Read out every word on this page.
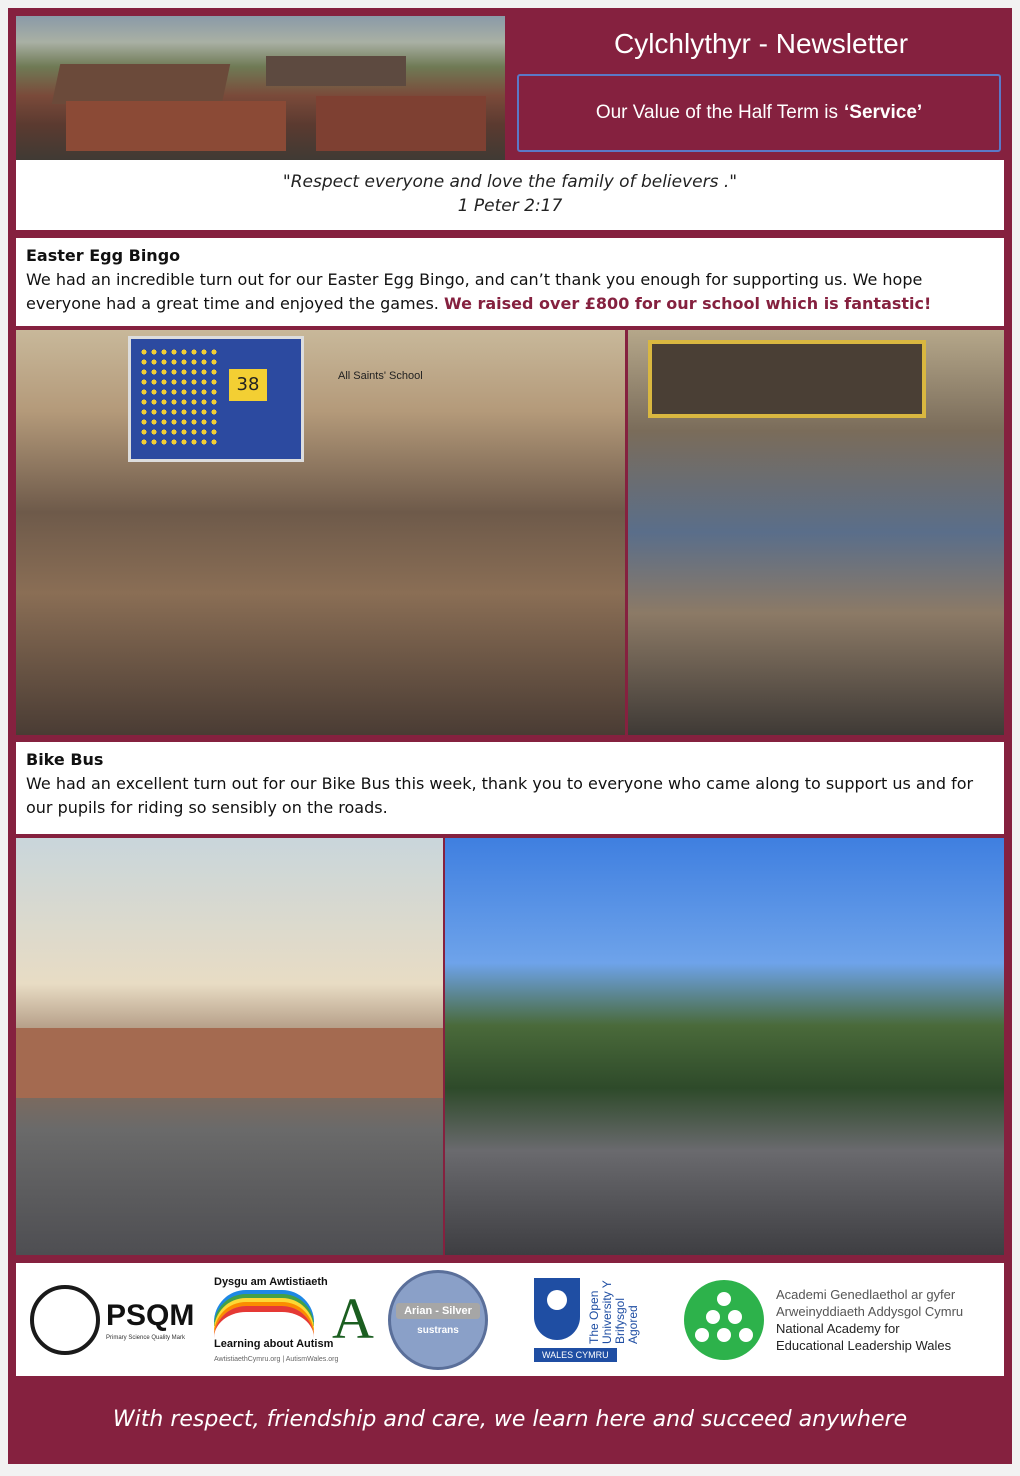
Cylchlythyr - Newsletter
Our Value of the Half Term is ‘Service’
"Respect everyone and love the family of believers ."
1 Peter 2:17
Easter Egg Bingo
We had an incredible turn out for our Easter Egg Bingo, and can’t thank you enough for supporting us. We hope everyone had a great time and enjoyed the games. We raised over £800 for our school which is fantastic!
38	All Saints' School
Bike Bus
We had an excellent turn out for our Bike Bus this week, thank you to everyone who came along to support us and for our pupils for riding so sensibly on the roads.
PSQM
Primary Science Quality Mark
Dysgu am Awtistiaeth
Learning about Autism
AwtistiaethCymru.org | AutismWales.org
A	Arian - Silver
sustrans	The Open University Y Brifysgol Agored
WALES CYMRU
Academi Genedlaethol ar gyfer
Arweinyddiaeth Addysgol Cymru
National Academy for
Educational Leadership Wales
With respect, friendship and care, we learn here and succeed anywhere
